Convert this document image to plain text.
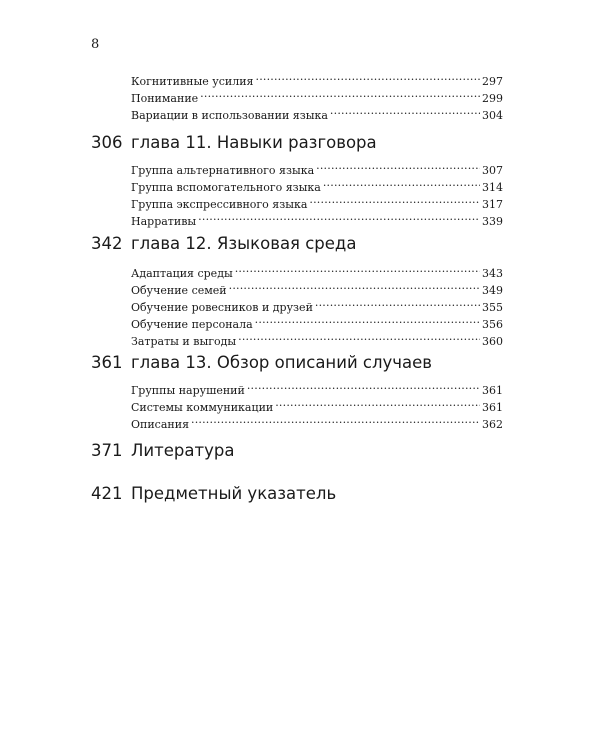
8
Когнитивные усилия .....	297
Понимание .....	299
Вариации в использовании языка .....	304
306 глава 11. Навыки разговора
Группа альтернативного языка .....	307
Группа вспомогательного языка .....	314
Группа экспрессивного языка .....	317
Нарративы .....	339
342 глава 12. Языковая среда
Адаптация среды .....	343
Обучение семей .....	349
Обучение ровесников и друзей .....	355
Обучение персонала .....	356
Затраты и выгоды .....	360
361 глава 13. Обзор описаний случаев
Группы нарушений .....	361
Системы коммуникации .....	361
Описания .....	362
371 Литература
421 Предметный указатель
